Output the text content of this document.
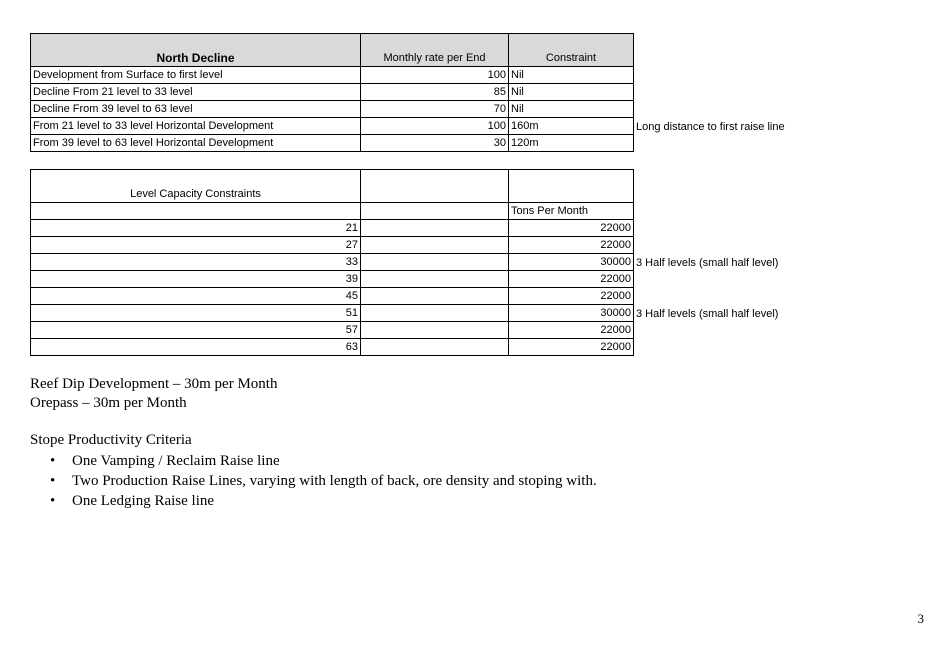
North Decline	Monthly rate per End	Constraint	
Development from Surface to first level	100	Nil	
Decline From 21 level to 33 level	85	Nil	
Decline From 39 level to 63 level	70	Nil	
From 21 level to 33 level Horizontal Development	100	160m	Long distance to first raise line
From 39 level to 63 level Horizontal Development	30	120m	
Level Capacity Constraints			
		Tons Per Month	
21		22000	
27		22000	
33		30000	3 Half levels (small half level)
39		22000	
45		22000	
51		30000	3 Half levels (small half level)
57		22000	
63		22000	
Reef Dip Development – 30m per Month
Orepass – 30m per Month
Stope Productivity Criteria
• One Vamping / Reclaim Raise line
• Two Production Raise Lines, varying with length of back, ore density and stoping with.
• One Ledging Raise line
3
